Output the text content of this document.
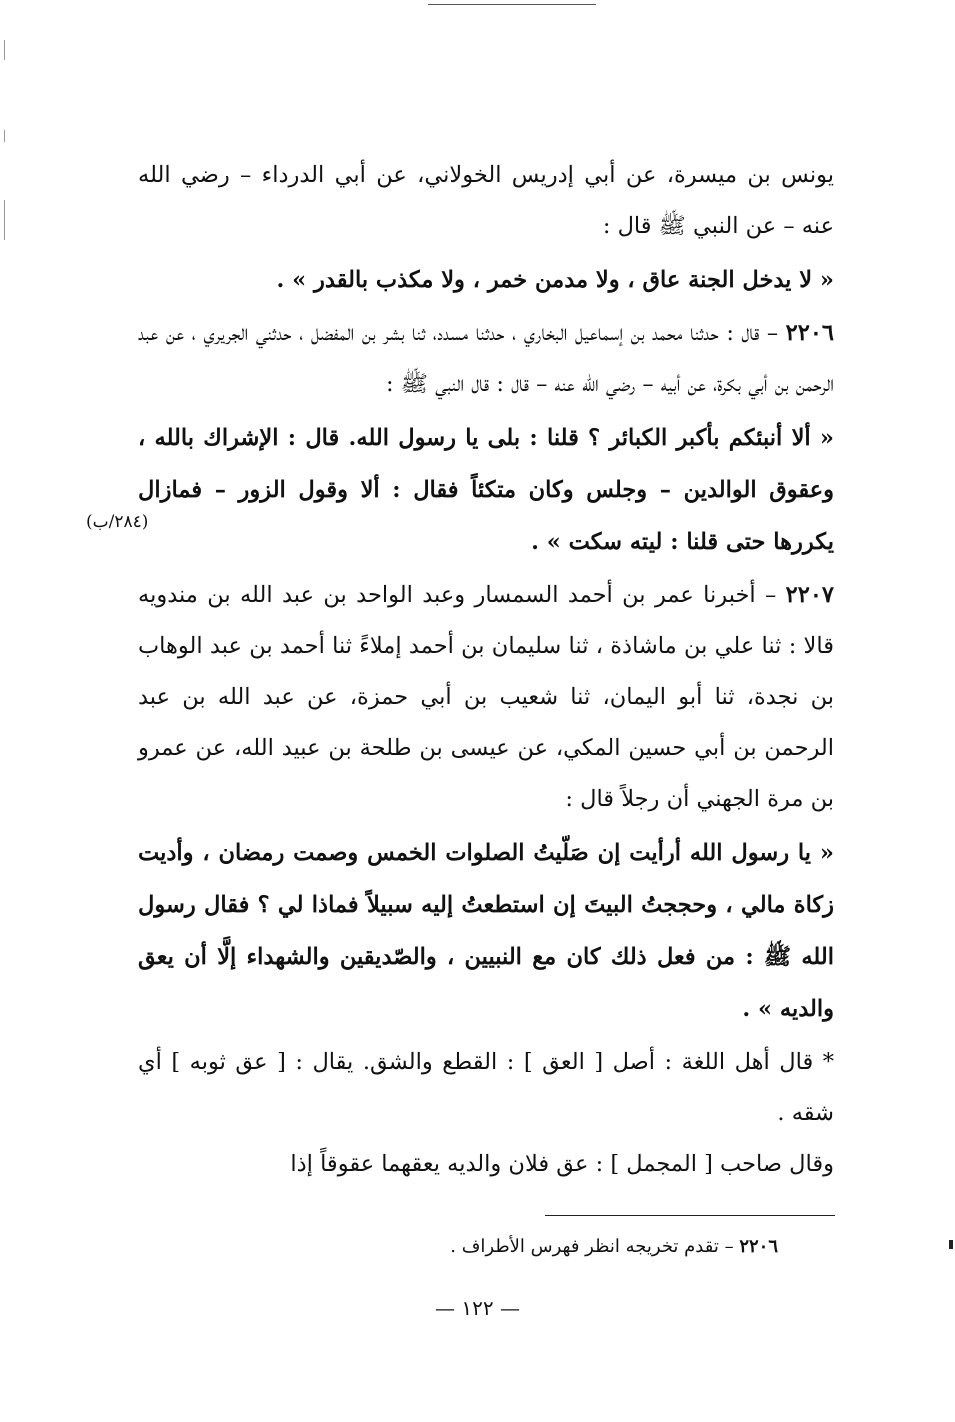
يونس بن ميسرة، عن أبي إدريس الخولاني، عن أبي الدرداء – رضي الله عنه – عن النبي ﷺ قال :

« لا يدخل الجنة عاق ، ولا مدمن خمر ، ولا مكذب بالقدر » .

٢٢٠٦ – قال : حدثنا محمد بن إسماعيل البخاري ، حدثنا مسدد، ثنا بشر بن المفضل ، حدثني الجريري ، عن عبد الرحمن بن أبي بكرة، عن أبيه – رضي الله عنه – قال : قال النبي ﷺ :

« ألا أنبئكم بأكبر الكبائر ؟ قلنا : بلى يا رسول الله. قال : الإشراك بالله ، وعقوق الوالدين – وجلس وكان متكئاً فقال : ألا وقول الزور – فمازال يكررها حتى قلنا : ليته سكت » .

٢٢٠٧ – أخبرنا عمر بن أحمد السمسار وعبد الواحد بن عبد الله بن مندويه قالا : ثنا علي بن ماشاذة ، ثنا سليمان بن أحمد إملاءً ثنا أحمد بن عبد الوهاب بن نجدة، ثنا أبو اليمان، ثنا شعيب بن أبي حمزة، عن عبد الله بن عبد الرحمن بن أبي حسين المكي، عن عيسى بن طلحة بن عبيد الله، عن عمرو بن مرة الجهني أن رجلاً قال :

« يا رسول الله أرأيت إن صَلّيتُ الصلوات الخمس وصمت رمضان ، وأديت زكاة مالي ، وحججتُ البيتَ إن استطعتُ إليه سبيلاً فماذا لي ؟ فقال رسول الله ﷺ : من فعل ذلك كان مع النبيين ، والصّديقين والشهداء إلَّا أن يعق والديه » .

* قال أهل اللغة : أصل [ العق ] : القطع والشق. يقال : [ عق ثوبه ] أي شقه .

وقال صاحب [ المجمل ] : عق فلان والديه يعقهما عقوقاً إذا

(٢٨٤/ب)
٢٢٠٦ – تقدم تخريجه انظر فهرس الأطراف .
— ١٢٢ —
